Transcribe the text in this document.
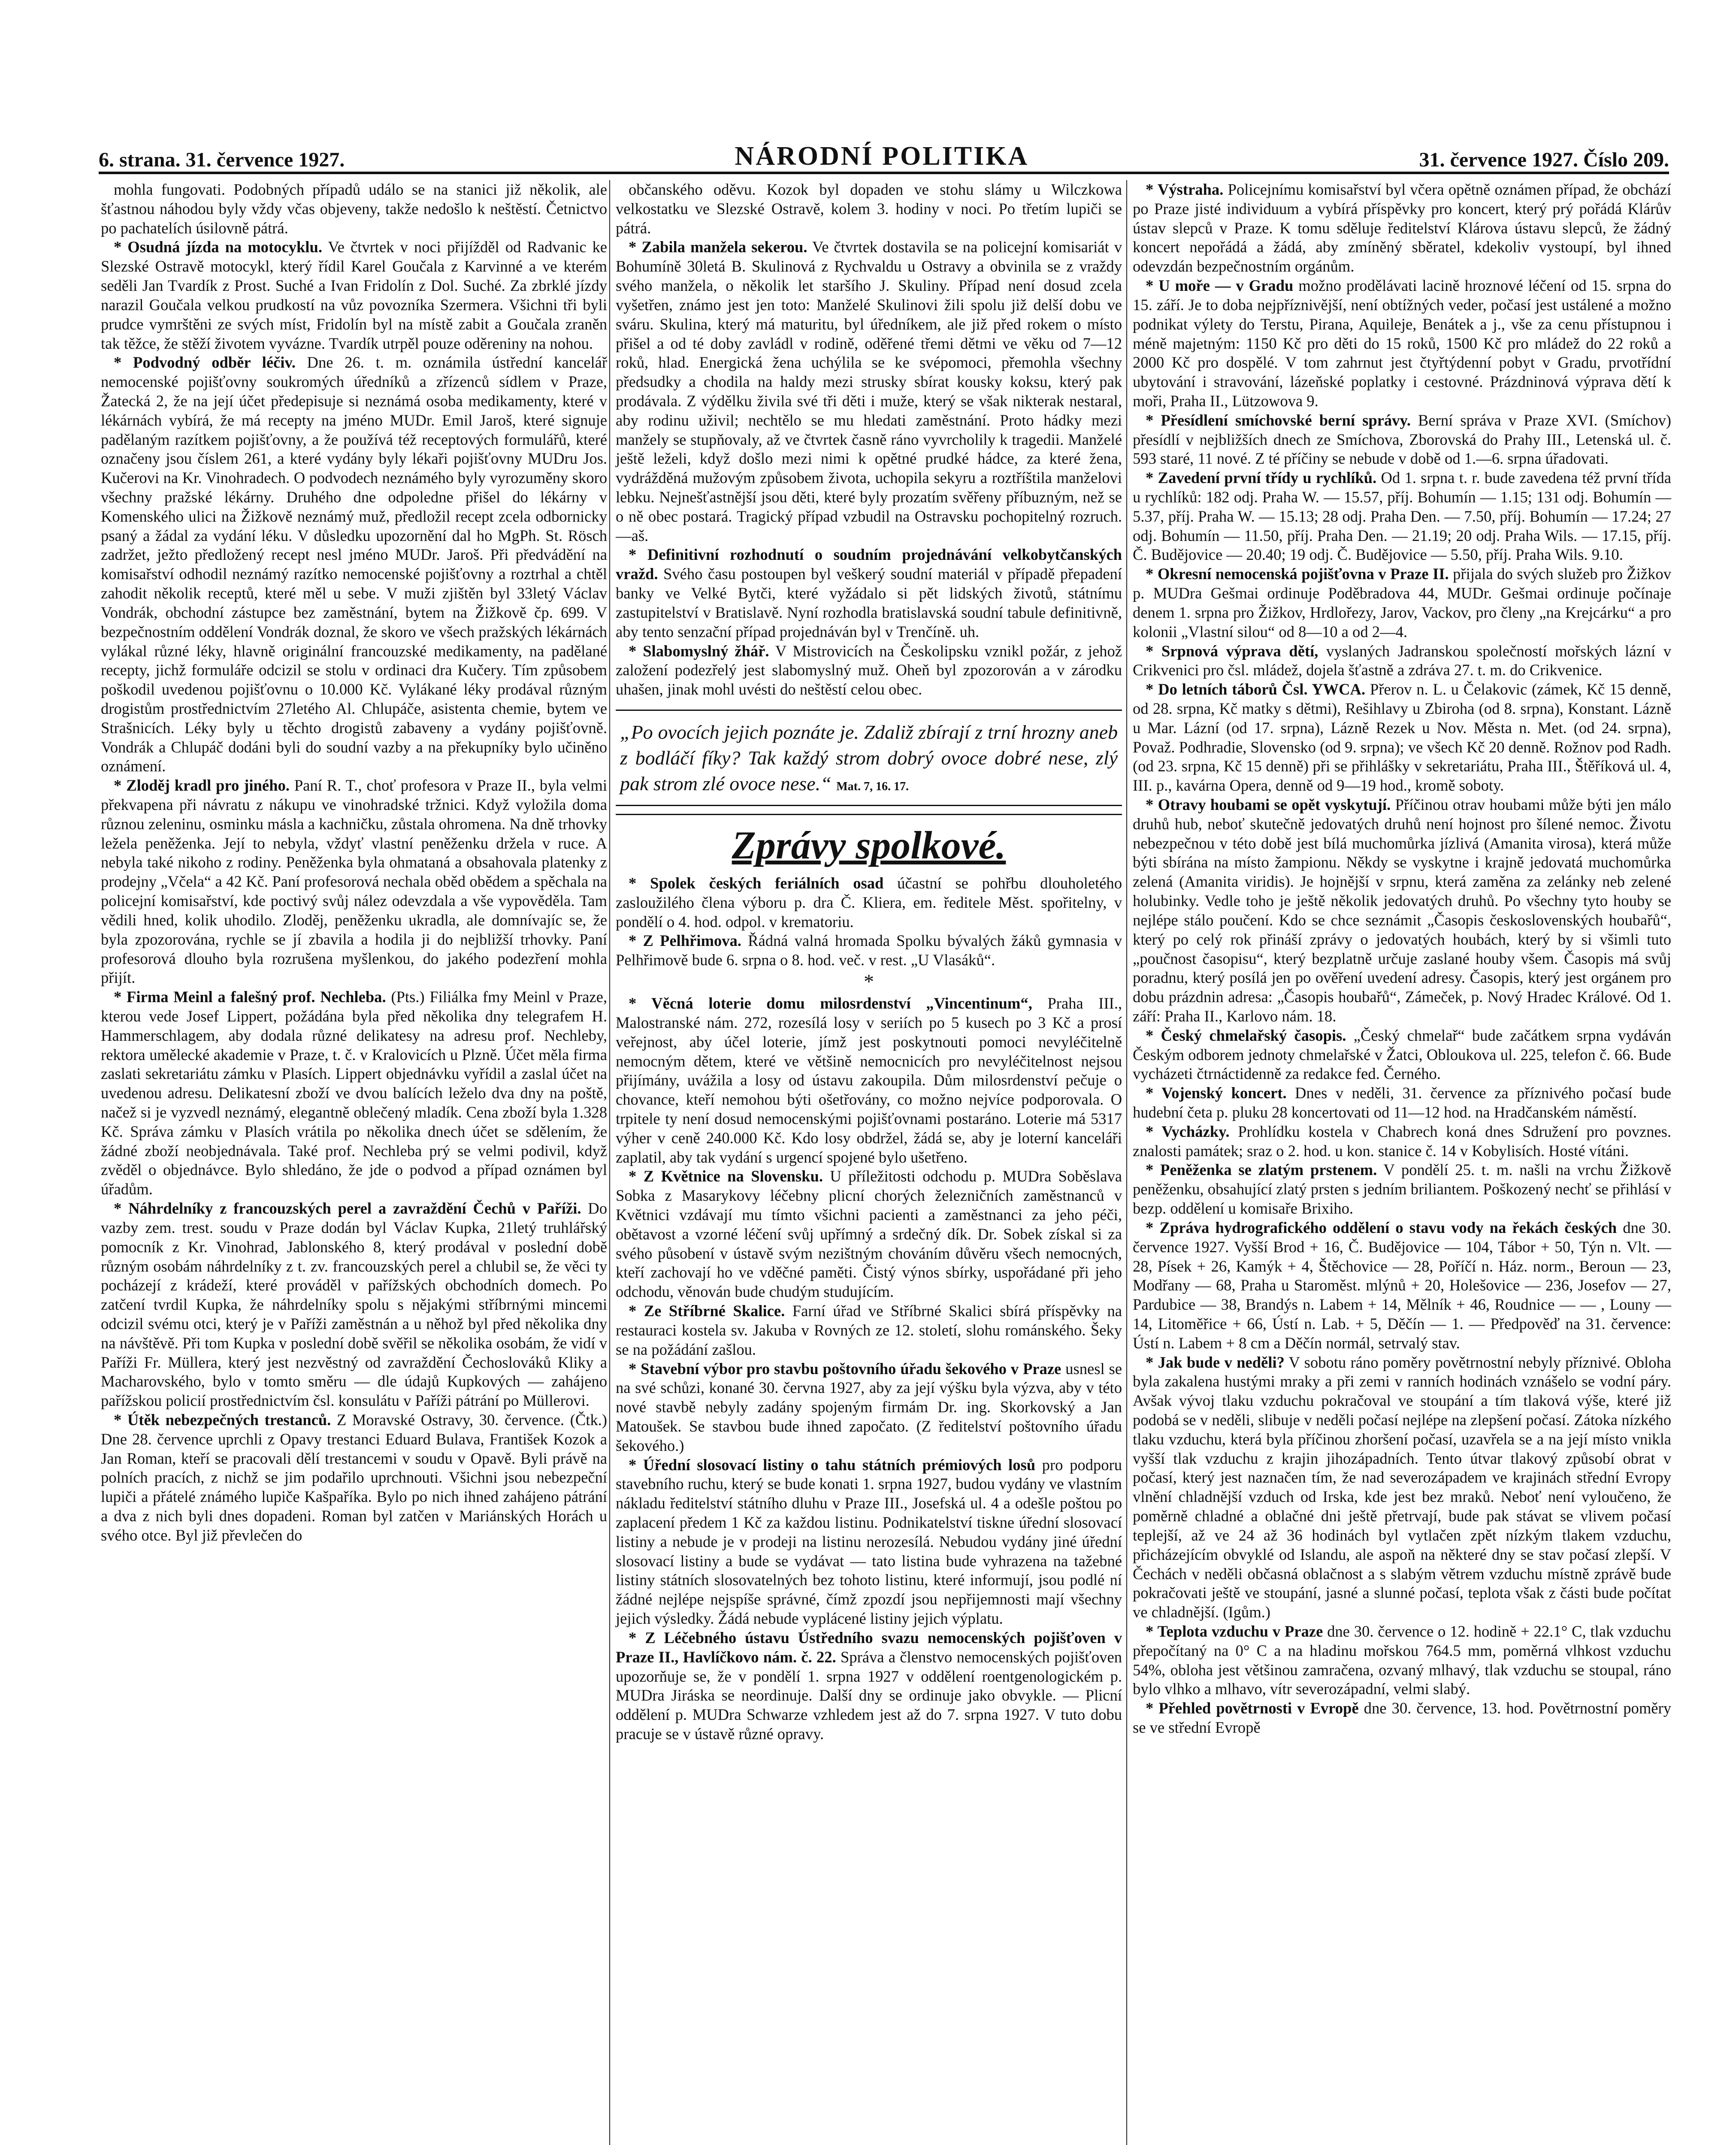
6. strana. 31. července 1927.	NÁRODNÍ POLITIKA	31. července 1927. Číslo 209.

mohla fungovati. Podobných případů událo se na stanici již několik, ale šťastnou náhodou byly vždy včas objeveny, takže nedošlo k neštěstí. Četnictvo po pachatelích úsilovně pátrá.

* Osudná jízda na motocyklu. Ve čtvrtek v noci přijížděl od Radvanic ke Slezské Ostravě motocykl, který řídil Karel Goučala z Karvinné a ve kterém seděli Jan Tvardík z Prost. Suché a Ivan Fridolín z Dol. Suché. Za zbrklé jízdy narazil Goučala velkou prudkostí na vůz povozníka Szermera. Všichni tři byli prudce vymrštěni ze svých míst, Fridolín byl na místě zabit a Goučala zraněn tak těžce, že stěží životem vyvázne. Tvardík utrpěl pouze oděreniny na nohou.

* Podvodný odběr léčiv. Dne 26. t. m. oznámila ústřední kancelář nemocenské pojišťovny soukromých úředníků a zřízenců sídlem v Praze, Žatecká 2, že na její účet předepisuje si neznámá osoba medikamenty, které v lékárnách vybírá, že má recepty na jméno MUDr. Emil Jaroš, které signuje padělaným razítkem pojišťovny, a že používá též receptových formulářů, které označeny jsou číslem 261, a které vydány byly lékaři pojišťovny MUDru Jos. Kučerovi na Kr. Vinohradech. O podvodech neznámého byly vyrozuměny skoro všechny pražské lékárny. Druhého dne odpoledne přišel do lékárny v Komenského ulici na Žižkově neznámý muž, předložil recept zcela odbornicky psaný a žádal za vydání léku. V důsledku upozornění dal ho MgPh. St. Rösch zadržet, ježto předložený recept nesl jméno MUDr. Jaroš. Při předvádění na komisařství odhodil neznámý razítko nemocenské pojišťovny a roztrhal a chtěl zahodit několik receptů, které měl u sebe. V muži zjištěn byl 33letý Václav Vondrák, obchodní zástupce bez zaměstnání, bytem na Žižkově čp. 699. V bezpečnostním oddělení Vondrák doznal, že skoro ve všech pražských lékárnách vylákal různé léky, hlavně originální francouzské medikamenty, na padělané recepty, jichž formuláře odcizil se stolu v ordinaci dra Kučery. Tím způsobem poškodil uvedenou pojišťovnu o 10.000 Kč. Vylákané léky prodával různým drogistům prostřednictvím 27letého Al. Chlupáče, asistenta chemie, bytem ve Strašnicích. Léky byly u těchto drogistů zabaveny a vydány pojišťovně. Vondrák a Chlupáč dodáni byli do soudní vazby a na překupníky bylo učiněno oznámení.

* Zloděj kradl pro jiného. Paní R. T., choť profesora v Praze II., byla velmi překvapena při návratu z nákupu ve vinohradské tržnici. Když vyložila doma různou zeleninu, osminku másla a kachničku, zůstala ohromena. Na dně trhovky ležela peněženka. Její to nebyla, vždyť vlastní peněženku držela v ruce. A nebyla také nikoho z rodiny. Peněženka byla ohmataná a obsahovala platenky z prodejny „Včela“ a 42 Kč. Paní profesorová nechala oběd obědem a spěchala na policejní komisařství, kde poctivý svůj nález odevzdala a vše vypověděla. Tam vědili hned, kolik uhodilo. Zloděj, peněženku ukradla, ale domnívajíc se, že byla zpozorována, rychle se jí zbavila a hodila ji do nejbližší trhovky. Paní profesorová dlouho byla rozrušena myšlenkou, do jakého podezření mohla přijít.

* Firma Meinl a falešný prof. Nechleba. (Pts.) Filiálka fmy Meinl v Praze, kterou vede Josef Lippert, požádána byla před několika dny telegrafem H. Hammerschlagem, aby dodala různé delikatesy na adresu prof. Nechleby, rektora umělecké akademie v Praze, t. č. v Kralovicích u Plzně. Účet měla firma zaslati sekretariátu zámku v Plasích. Lippert objednávku vyřídil a zaslal účet na uvedenou adresu. Delikatesní zboží ve dvou balících leželo dva dny na poště, načež si je vyzvedl neznámý, elegantně oblečený mladík. Cena zboží byla 1.328 Kč. Správa zámku v Plasích vrátila po několika dnech účet se sdělením, že žádné zboží neobjednávala. Také prof. Nechleba prý se velmi podivil, když zvěděl o objednávce. Bylo shledáno, že jde o podvod a případ oznámen byl úřadům.

* Náhrdelníky z francouzských perel a zavraždění Čechů v Paříži. Do vazby zem. trest. soudu v Praze dodán byl Václav Kupka, 21letý truhlářský pomocník z Kr. Vinohrad, Jablonského 8, který prodával v poslední době různým osobám náhrdelníky z t. zv. francouzských perel a chlubil se, že věci ty pocházejí z krádeží, které prováděl v pařížských obchodních domech. Po zatčení tvrdil Kupka, že náhrdelníky spolu s nějakými stříbrnými mincemi odcizil svému otci, který je v Paříži zaměstnán a u něhož byl před několika dny na návštěvě. Při tom Kupka v poslední době svěřil se několika osobám, že vidí v Paříži Fr. Müllera, který jest nezvěstný od zavraždění Čechoslováků Kliky a Macharovského, bylo v tomto směru — dle údajů Kupkových — zahájeno pařížskou policií prostřednictvím čsl. konsulátu v Paříži pátrání po Müllerovi.

* Útěk nebezpečných trestanců. Z Moravské Ostravy, 30. července. (Čtk.) Dne 28. července uprchli z Opavy trestanci Eduard Bulava, František Kozok a Jan Roman, kteří se pracovali dělí trestancemi v soudu v Opavě. Byli právě na polních pracích, z nichž se jim podařilo uprchnouti. Všichni jsou nebezpeční lupiči a přátelé známého lupiče Kašpaříka. Bylo po nich ihned zahájeno pátrání a dva z nich byli dnes dopadeni. Roman byl zatčen v Mariánských Horách u svého otce. Byl již převlečen do

občanského oděvu. Kozok byl dopaden ve stohu slámy u Wilczkowa velkostatku ve Slezské Ostravě, kolem 3. hodiny v noci. Po třetím lupiči se pátrá.

* Zabila manžela sekerou. Ve čtvrtek dostavila se na policejní komisariát v Bohumíně 30letá B. Skulinová z Rychvaldu u Ostravy a obvinila se z vraždy svého manžela, o několik let staršího J. Skuliny. Případ není dosud zcela vyšetřen, známo jest jen toto: Manželé Skulinovi žili spolu již delší dobu ve sváru. Skulina, který má maturitu, byl úředníkem, ale již před rokem o místo přišel a od té doby zavládl v rodině, oděřené třemi dětmi ve věku od 7—12 roků, hlad. Energická žena uchýlila se ke svépomoci, přemohla všechny předsudky a chodila na haldy mezi strusky sbírat kousky koksu, který pak prodávala. Z výdělku živila své tři děti i muže, který se však nikterak nestaral, aby rodinu uživil; nechtělo se mu hledati zaměstnání. Proto hádky mezi manžely se stupňovaly, až ve čtvrtek časně ráno vyvrcholily k tragedii. Manželé ještě leželi, když došlo mezi nimi k opětné prudké hádce, za které žena, vydrážděná mužovým způsobem života, uchopila sekyru a roztříštila manželovi lebku. Nejnešťastnější jsou děti, které byly prozatím svěřeny příbuzným, než se o ně obec postará. Tragický případ vzbudil na Ostravsku pochopitelný rozruch. —aš.

* Definitivní rozhodnutí o soudním projednávání velkobytčanských vražd. Svého času postoupen byl veškerý soudní materiál v případě přepadení banky ve Velké Bytči, které vyžádalo si pět lidských životů, státnímu zastupitelství v Bratislavě. Nyní rozhodla bratislavská soudní tabule definitivně, aby tento senzační případ projednáván byl v Trenčíně. uh.

* Slabomyslný žhář. V Mistrovicích na Českolipsku vznikl požár, z jehož založení podezřelý jest slabomyslný muž. Oheň byl zpozorován a v zárodku uhašen, jinak mohl uvésti do neštěstí celou obec.

„Po ovocích jejich poznáte je. Zdaliž zbírají z trní hrozny aneb z bodláčí fíky? Tak každý strom dobrý ovoce dobré nese, zlý pak strom zlé ovoce nese.“ Mat. 7, 16. 17.
Zprávy spolkové.

* Spolek českých feriálních osad účastní se pohřbu dlouholetého zasloužilého člena výboru p. dra Č. Kliera, em. ředitele Měst. spořitelny, v pondělí o 4. hod. odpol. v krematoriu.

* Z Pelhřimova. Řádná valná hromada Spolku bývalých žáků gymnasia v Pelhřimově bude 6. srpna o 8. hod. več. v rest. „U Vlasáků“.

*

* Věcná loterie domu milosrdenství „Vincentinum“, Praha III., Malostranské nám. 272, rozesílá losy v seriích po 5 kusech po 3 Kč a prosí veřejnost, aby účel loterie, jímž jest poskytnouti pomoci nevyléčitelně nemocným dětem, které ve většině nemocnicích pro nevyléčitelnost nejsou přijímány, uvážila a losy od ústavu zakoupila. Dům milosrdenství pečuje o chovance, kteří nemohou býti ošetřovány, co možno nejvíce podporovala. O trpitele ty není dosud nemocenskými pojišťovnami postaráno. Loterie má 5317 výher v ceně 240.000 Kč. Kdo losy obdržel, žádá se, aby je loterní kanceláři zaplatil, aby tak vydání s urgencí spojené bylo ušetřeno.

* Z Květnice na Slovensku. U příležitosti odchodu p. MUDra Soběslava Sobka z Masarykovy léčebny plicní chorých železničních zaměstnanců v Květnici vzdávají mu tímto všichni pacienti a zaměstnanci za jeho péči, obětavost a vzorné léčení svůj upřímný a srdečný dík. Dr. Sobek získal si za svého působení v ústavě svým nezištným chováním důvěru všech nemocných, kteří zachovají ho ve vděčné paměti. Čistý výnos sbírky, uspořádané při jeho odchodu, věnován bude chudým studujícím.

* Ze Stříbrné Skalice. Farní úřad ve Stříbrné Skalici sbírá příspěvky na restauraci kostela sv. Jakuba v Rovných ze 12. století, slohu románského. Šeky se na požádání zašlou.

* Stavební výbor pro stavbu poštovního úřadu šekového v Praze usnesl se na své schůzi, konané 30. června 1927, aby za její výšku byla výzva, aby v této nové stavbě nebyly zadány spojeným firmám Dr. ing. Skorkovský a Jan Matoušek. Se stavbou bude ihned započato. (Z ředitelství poštovního úřadu šekového.)

* Úřední slosovací listiny o tahu státních prémiových losů pro podporu stavebního ruchu, který se bude konati 1. srpna 1927, budou vydány ve vlastním nákladu ředitelství státního dluhu v Praze III., Josefská ul. 4 a odešle poštou po zaplacení předem 1 Kč za každou listinu. Podnikatelství tiskne úřední slosovací listiny a nebude je v prodeji na listinu nerozesílá. Nebudou vydány jiné úřední slosovací listiny a bude se vydávat — tato listina bude vyhrazena na tažebné listiny státních slosovatelných bez tohoto listinu, které informují, jsou podlé ní žádné nejlépe nejspíše správné, čímž zpozdí jsou nepřijemnosti mají všechny jejich výsledky. Žádá nebude vyplácené listiny jejich výplatu.

* Z Léčebného ústavu Ústředního svazu nemocenských pojišťoven v Praze II., Havlíčkovo nám. č. 22. Správa a členstvo nemocenských pojišťoven upozorňuje se, že v pondělí 1. srpna 1927 v oddělení roentgenologickém p. MUDra Jiráska se neordinuje. Další dny se ordinuje jako obvykle. — Plicní oddělení p. MUDra Schwarze vzhledem jest až do 7. srpna 1927. V tuto dobu pracuje se v ústavě různé opravy.

* Výstraha. Policejnímu komisařství byl včera opětně oznámen případ, že obchází po Praze jisté individuum a vybírá příspěvky pro koncert, který prý pořádá Klárův ústav slepců v Praze. K tomu sděluje ředitelství Klárova ústavu slepců, že žádný koncert nepořádá a žádá, aby zmíněný sběratel, kdekoliv vystoupí, byl ihned odevzdán bezpečnostním orgánům.

* U moře — v Gradu možno prodělávati lacině hroznové léčení od 15. srpna do 15. září. Je to doba nejpříznivější, není obtížných veder, počasí jest ustálené a možno podnikat výlety do Terstu, Pirana, Aquileje, Benátek a j., vše za cenu přístupnou i méně majetným: 1150 Kč pro děti do 15 roků, 1500 Kč pro mládež do 22 roků a 2000 Kč pro dospělé. V tom zahrnut jest čtyřtýdenní pobyt v Gradu, prvotřídní ubytování i stravování, lázeňské poplatky i cestovné. Prázdninová výprava dětí k moři, Praha II., Lützowova 9.

* Přesídlení smíchovské berní správy. Berní správa v Praze XVI. (Smíchov) přesídlí v nejbližších dnech ze Smíchova, Zborovská do Prahy III., Letenská ul. č. 593 staré, 11 nové. Z té příčiny se nebude v době od 1.—6. srpna úřadovati.

* Zavedení první třídy u rychlíků. Od 1. srpna t. r. bude zavedena též první třída u rychlíků: 182 odj. Praha W. — 15.57, příj. Bohumín — 1.15; 131 odj. Bohumín — 5.37, příj. Praha W. — 15.13; 28 odj. Praha Den. — 7.50, příj. Bohumín — 17.24; 27 odj. Bohumín — 11.50, příj. Praha Den. — 21.19; 20 odj. Praha Wils. — 17.15, příj. Č. Budějovice — 20.40; 19 odj. Č. Budějovice — 5.50, příj. Praha Wils. 9.10.

* Okresní nemocenská pojišťovna v Praze II. přijala do svých služeb pro Žižkov p. MUDra Gešmai ordinuje Poděbradova 44, MUDr. Gešmai ordinuje počínaje denem 1. srpna pro Žižkov, Hrdlořezy, Jarov, Vackov, pro členy „na Krejcárku“ a pro kolonii „Vlastní silou“ od 8—10 a od 2—4.

* Srpnová výprava dětí, vyslaných Jadranskou společností mořských lázní v Crikvenici pro čsl. mládež, dojela šťastně a zdráva 27. t. m. do Crikvenice.

* Do letních táborů Čsl. YWCA. Přerov n. L. u Čelakovic (zámek, Kč 15 denně, od 28. srpna, Kč matky s dětmi), Rešihlavy u Zbiroha (od 8. srpna), Konstant. Lázně u Mar. Lázní (od 17. srpna), Lázně Rezek u Nov. Města n. Met. (od 24. srpna), Považ. Podhradie, Slovensko (od 9. srpna); ve všech Kč 20 denně. Rožnov pod Radh. (od 23. srpna, Kč 15 denně) při se přihlášky v sekretariátu, Praha III., Štěříková ul. 4, III. p., kavárna Opera, denně od 9—19 hod., kromě soboty.

* Otravy houbami se opět vyskytují. Příčinou otrav houbami může býti jen málo druhů hub, neboť skutečně jedovatých druhů není hojnost pro šílené nemoc. Životu nebezpečnou v této době jest bílá muchomůrka jízlivá (Amanita virosa), která může býti sbírána na místo žampionu. Někdy se vyskytne i krajně jedovatá muchomůrka zelená (Amanita viridis). Je hojnější v srpnu, která zaměna za zelánky neb zelené holubinky. Vedle toho je ještě několik jedovatých druhů. Po všechny tyto houby se nejlépe stálo poučení. Kdo se chce seznámit „Časopis československých houbařů“, který po celý rok přináší zprávy o jedovatých houbách, který by si všimli tuto „poučnost časopisu“, který bezplatně určuje zaslané houby všem. Časopis má svůj poradnu, který posílá jen po ověření uvedení adresy. Časopis, který jest orgánem pro dobu prázdnin adresa: „Časopis houbařů“, Zámeček, p. Nový Hradec Králové. Od 1. září: Praha II., Karlovo nám. 18.

* Český chmelařský časopis. „Český chmelař“ bude začátkem srpna vydáván Českým odborem jednoty chmelařské v Žatci, Obloukova ul. 225, telefon č. 66. Bude vycházeti čtrnáctidenně za redakce fed. Černého.

* Vojenský koncert. Dnes v neděli, 31. července za příznivého počasí bude hudební četa p. pluku 28 koncertovati od 11—12 hod. na Hradčanském náměstí.

* Vycházky. Prohlídku kostela v Chabrech koná dnes Sdružení pro povznes. znalosti památek; sraz o 2. hod. u kon. stanice č. 14 v Kobylisích. Hosté vítáni.

* Peněženka se zlatým prstenem. V pondělí 25. t. m. našli na vrchu Žižkově peněženku, obsahující zlatý prsten s jedním briliantem. Poškozený nechť se přihlásí v bezp. oddělení u komisaře Brixiho.

* Zpráva hydrografického oddělení o stavu vody na řekách českých dne 30. července 1927. Vyšší Brod + 16, Č. Budějovice — 104, Tábor + 50, Týn n. Vlt. — 28, Písek + 26, Kamýk + 4, Štěchovice — 28, Poříčí n. Ház. norm., Beroun — 23, Modřany — 68, Praha u Staroměst. mlýnů + 20, Holešovice — 236, Josefov — 27, Pardubice — 38, Brandýs n. Labem + 14, Mělník + 46, Roudnice — — , Louny — 14, Litoměřice + 66, Ústí n. Lab. + 5, Děčín — 1. — Předpověď na 31. července: Ústí n. Labem + 8 cm a Děčín normál, setrvalý stav.

* Jak bude v neděli? V sobotu ráno poměry povětrnostní nebyly příznivé. Obloha byla zakalena hustými mraky a při zemi v ranních hodinách vznášelo se vodní páry. Avšak vývoj tlaku vzduchu pokračoval ve stoupání a tím tlaková výše, které již podobá se v neděli, slibuje v neděli počasí nejlépe na zlepšení počasí. Zátoka nízkého tlaku vzduchu, která byla příčinou zhoršení počasí, uzavřela se a na její místo vnikla vyšší tlak vzduchu z krajin jihozápadních. Tento útvar tlakový způsobí obrat v počasí, který jest naznačen tím, že nad severozápadem ve krajinách střední Evropy vlnění chladnější vzduch od Irska, kde jest bez mraků. Neboť není vyloučeno, že poměrně chladné a oblačné dni ještě přetrvají, bude pak stávat se vlivem počasí teplejší, až ve 24 až 36 hodinách byl vytlačen zpět nízkým tlakem vzduchu, přicházejícím obvyklé od Islandu, ale aspoň na některé dny se stav počasí zlepší. V Čechách v neděli občasná oblačnost a s slabým větrem vzduchu místně zprávě bude pokračovati ještě ve stoupání, jasné a slunné počasí, teplota však z části bude počítat ve chladnější. (Igům.)

* Teplota vzduchu v Praze dne 30. července o 12. hodině + 22.1° C, tlak vzduchu přepočítaný na 0° C a na hladinu mořskou 764.5 mm, poměrná vlhkost vzduchu 54%, obloha jest většinou zamračena, ozvaný mlhavý, tlak vzduchu se stoupal, ráno bylo vlhko a mlhavo, vítr severozápadní, velmi slabý.

* Přehled povětrnosti v Evropě dne 30. července, 13. hod. Povětrnostní poměry se ve střední Evropě
